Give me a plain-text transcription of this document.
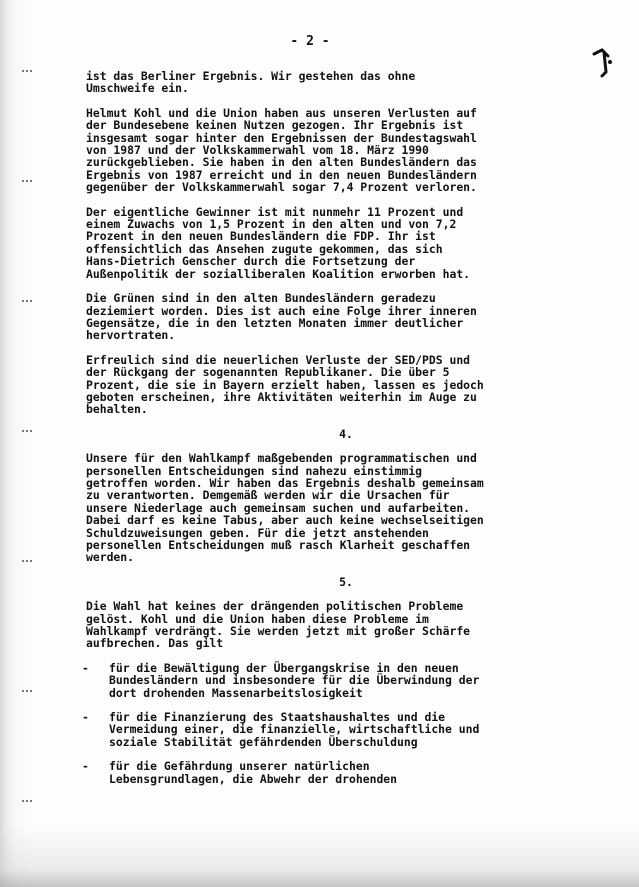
- 2 -

ist das Berliner Ergebnis. Wir gestehen das ohne
Umschweife ein.

Helmut Kohl und die Union haben aus unseren Verlusten auf
der Bundesebene keinen Nutzen gezogen. Ihr Ergebnis ist
insgesamt sogar hinter den Ergebnissen der Bundestagswahl
von 1987 und der Volkskammerwahl vom 18. März 1990
zurückgeblieben. Sie haben in den alten Bundesländern das
Ergebnis von 1987 erreicht und in den neuen Bundesländern
gegenüber der Volkskammerwahl sogar 7,4 Prozent verloren.

Der eigentliche Gewinner ist mit nunmehr 11 Prozent und
einem Zuwachs von 1,5 Prozent in den alten und von 7,2
Prozent in den neuen Bundesländern die FDP. Ihr ist
offensichtlich das Ansehen zugute gekommen, das sich
Hans-Dietrich Genscher durch die Fortsetzung der
Außenpolitik der sozialliberalen Koalition erworben hat.

Die Grünen sind in den alten Bundesländern geradezu
deziemiert worden. Dies ist auch eine Folge ihrer inneren
Gegensätze, die in den letzten Monaten immer deutlicher
hervortraten.

Erfreulich sind die neuerlichen Verluste der SED/PDS und
der Rückgang der sogenannten Republikaner. Die über 5
Prozent, die sie in Bayern erzielt haben, lassen es jedoch
geboten erscheinen, ihre Aktivitäten weiterhin im Auge zu
behalten.

4.

Unsere für den Wahlkampf maßgebenden programmatischen und
personellen Entscheidungen sind nahezu einstimmig
getroffen worden. Wir haben das Ergebnis deshalb gemeinsam
zu verantworten. Demgemäß werden wir die Ursachen für
unsere Niederlage auch gemeinsam suchen und aufarbeiten.
Dabei darf es keine Tabus, aber auch keine wechselseitigen
Schuldzuweisungen geben. Für die jetzt anstehenden
personellen Entscheidungen muß rasch Klarheit geschaffen
werden.

5.

Die Wahl hat keines der drängenden politischen Probleme
gelöst. Kohl und die Union haben diese Probleme im
Wahlkampf verdrängt. Sie werden jetzt mit großer Schärfe
aufbrechen. Das gilt

-	für die Bewältigung der Übergangskrise in den neuen
Bundesländern und insbesondere für die Überwindung der
dort drohenden Massenarbeitslosigkeit
-	für die Finanzierung des Staatshaushaltes und die
Vermeidung einer, die finanzielle, wirtschaftliche und
soziale Stabilität gefährdenden Überschuldung
-	für die Gefährdung unserer natürlichen
Lebensgrundlagen, die Abwehr der drohenden
